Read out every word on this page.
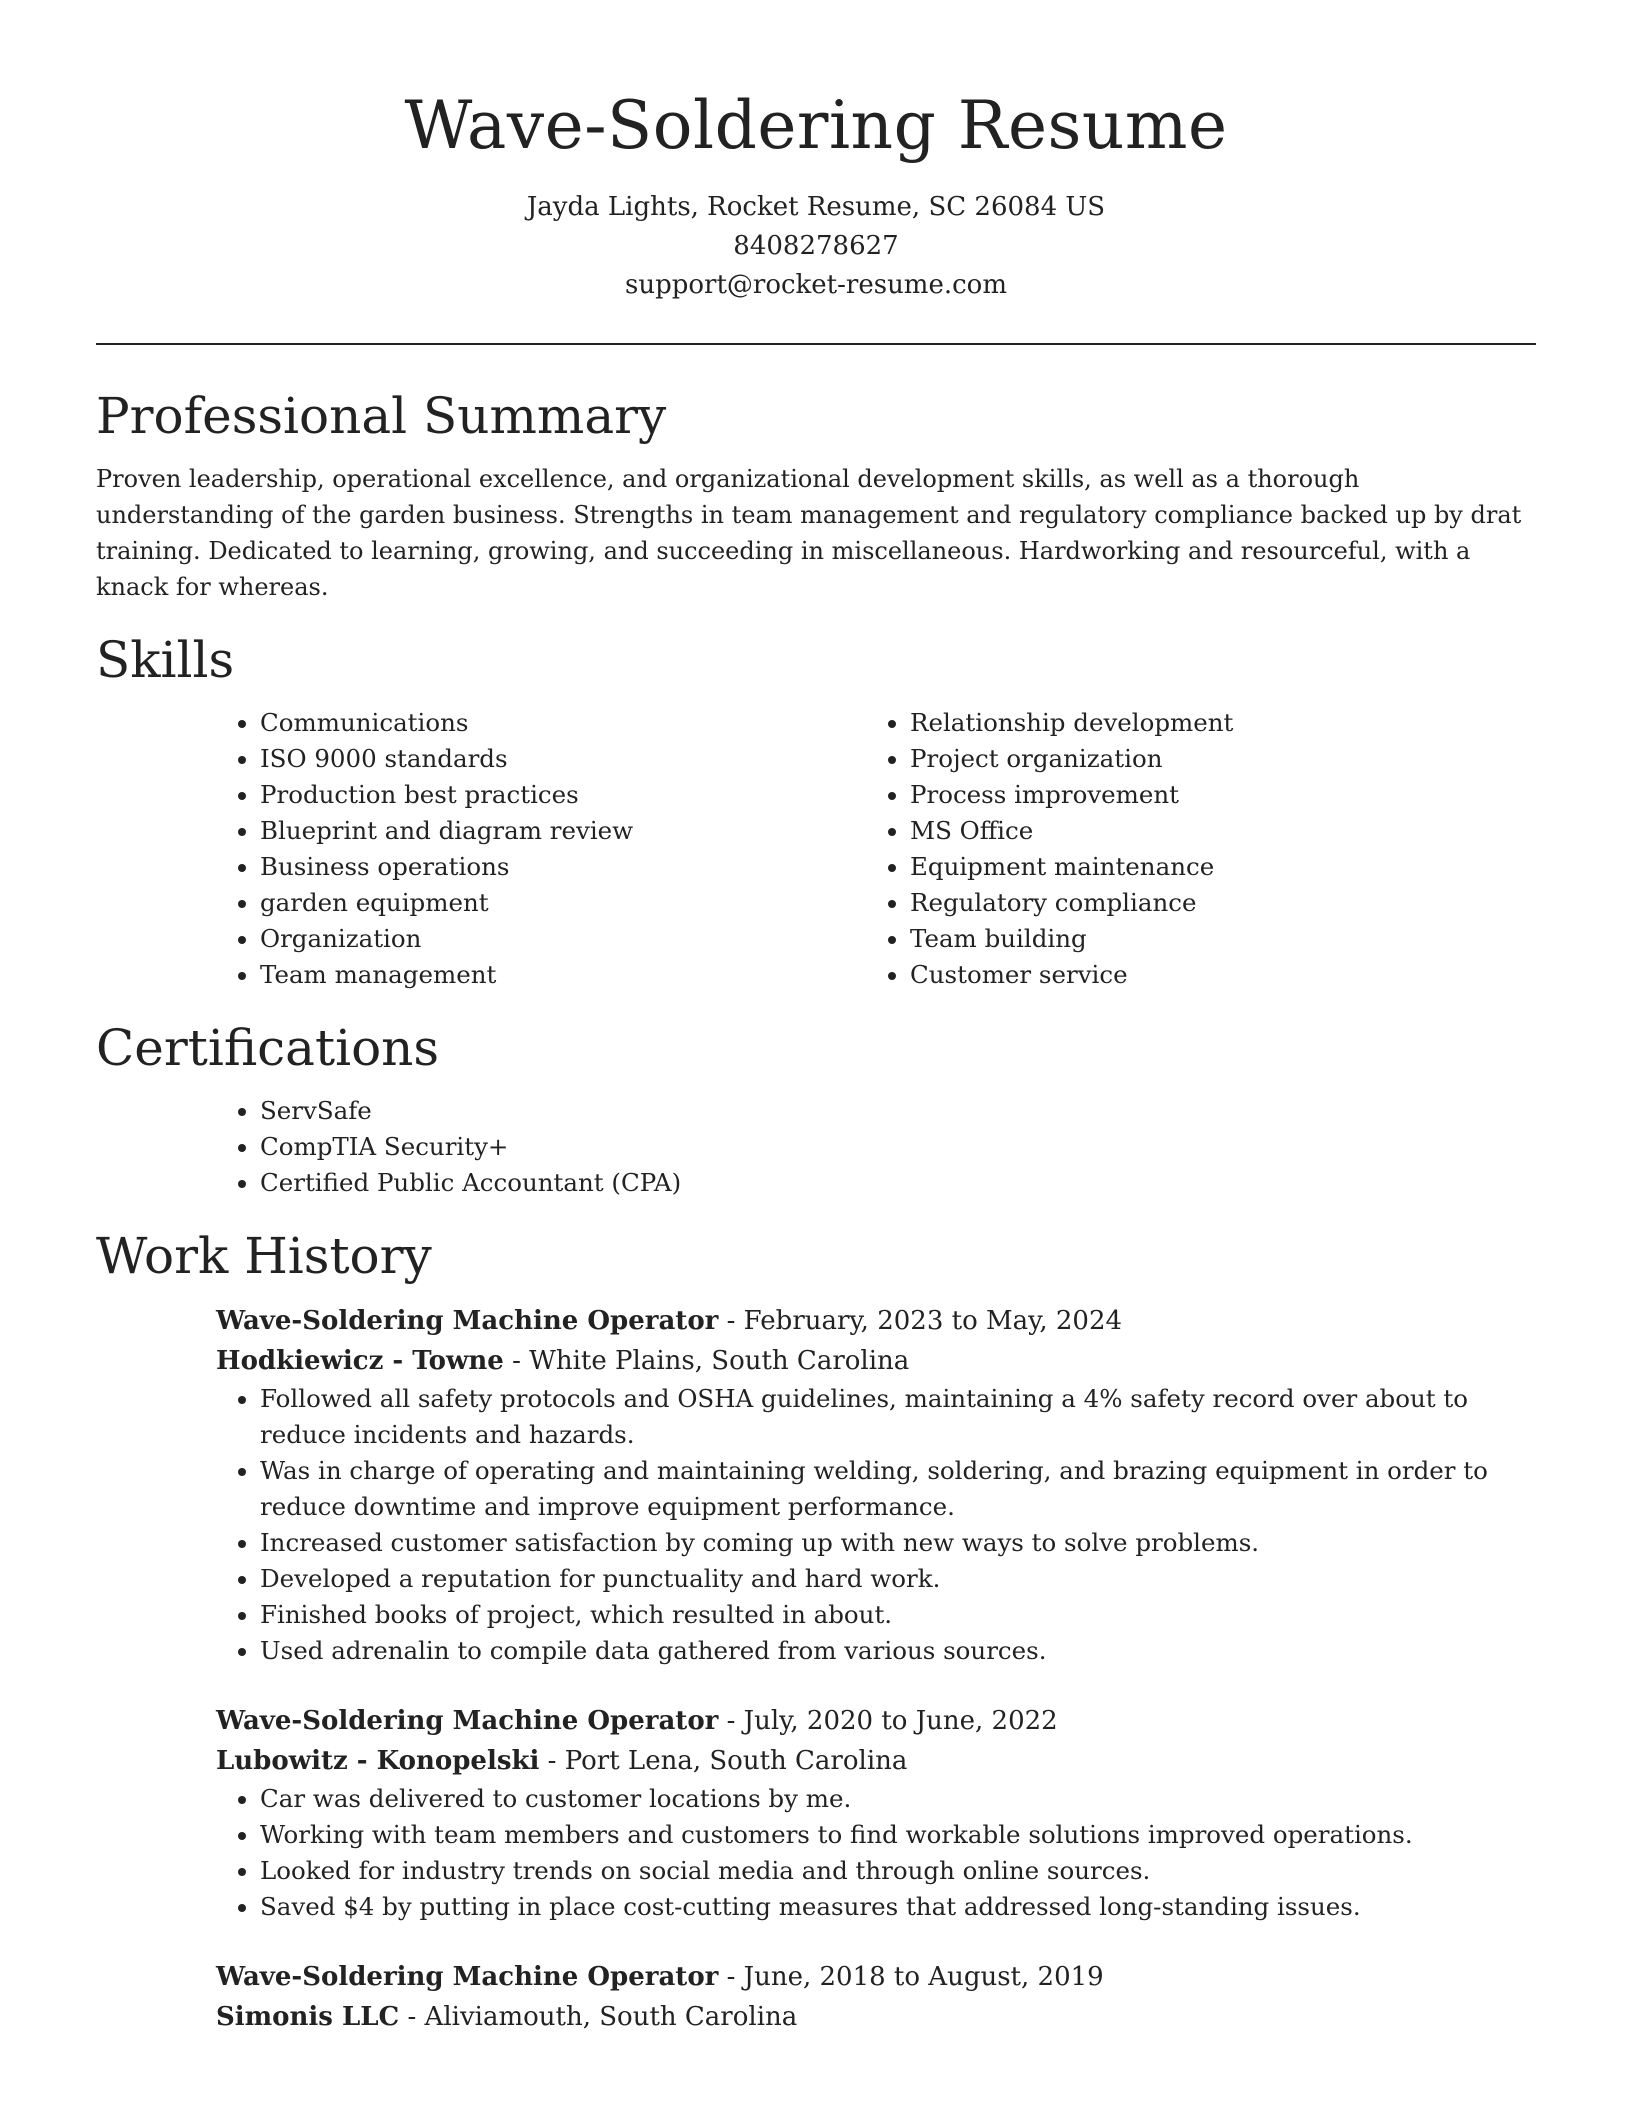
Wave-Soldering Resume
Jayda Lights, Rocket Resume, SC 26084 US
8408278627
support@rocket-resume.com
Professional Summary

Proven leadership, operational excellence, and organizational development skills, as well as a thorough understanding of the garden business. Strengths in team management and regulatory compliance backed up by drat training. Dedicated to learning, growing, and succeeding in miscellaneous. Hardworking and resourceful, with a knack for whereas.

Skills
• Communications
• ISO 9000 standards
• Production best practices
• Blueprint and diagram review
• Business operations
• garden equipment
• Organization
• Team management
• Relationship development
• Project organization
• Process improvement
• MS Office
• Equipment maintenance
• Regulatory compliance
• Team building
• Customer service
Certifications
• ServSafe
• CompTIA Security+
• Certified Public Accountant (CPA)
Work History
Wave-Soldering Machine Operator - February, 2023 to May, 2024
Hodkiewicz - Towne - White Plains, South Carolina
• Followed all safety protocols and OSHA guidelines, maintaining a 4% safety record over about to reduce incidents and hazards.
• Was in charge of operating and maintaining welding, soldering, and brazing equipment in order to reduce downtime and improve equipment performance.
• Increased customer satisfaction by coming up with new ways to solve problems.
• Developed a reputation for punctuality and hard work.
• Finished books of project, which resulted in about.
• Used adrenalin to compile data gathered from various sources.
Wave-Soldering Machine Operator - July, 2020 to June, 2022
Lubowitz - Konopelski - Port Lena, South Carolina
• Car was delivered to customer locations by me.
• Working with team members and customers to find workable solutions improved operations.
• Looked for industry trends on social media and through online sources.
• Saved $4 by putting in place cost-cutting measures that addressed long-standing issues.
Wave-Soldering Machine Operator - June, 2018 to August, 2019
Simonis LLC - Aliviamouth, South Carolina
